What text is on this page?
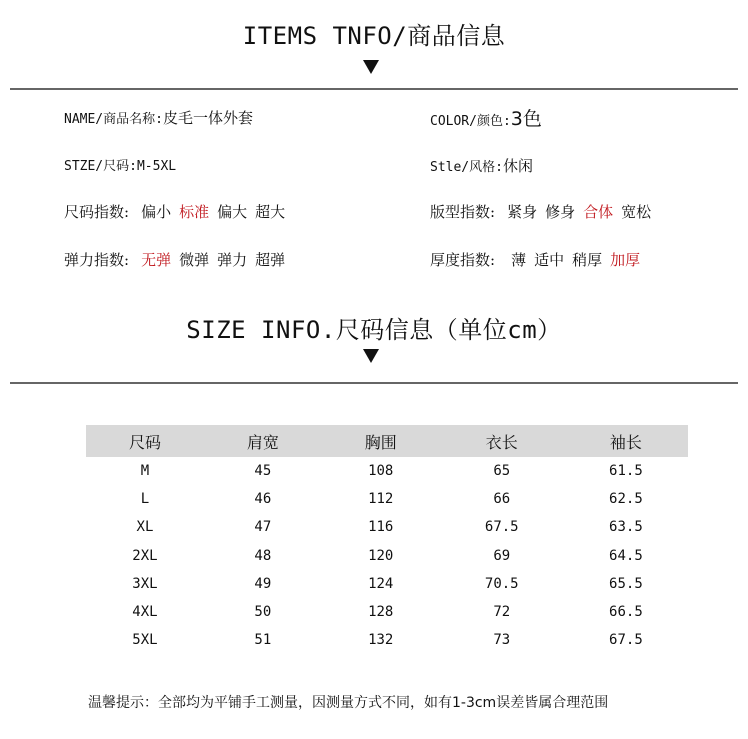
ITEMS TNFO/商品信息
NAME/商品名称:皮毛一体外套	COLOR/颜色:3色
STZE/尺码:M-5XL	Stle/风格:休闲
尺码指数: 偏小 标准 偏大 超大	版型指数: 紧身 修身 合体 宽松
弹力指数: 无弹 微弹 弹力 超弹	厚度指数: 薄 适中 稍厚 加厚
SIZE INFO.尺码信息（单位cm）
尺码	肩宽	胸围	衣长	袖长
M	45	108	65	61.5
L	46	112	66	62.5
XL	47	116	67.5	63.5
2XL	48	120	69	64.5
3XL	49	124	70.5	65.5
4XL	50	128	72	66.5
5XL	51	132	73	67.5
温馨提示：全部均为平铺手工测量，因测量方式不同，如有1-3cm误差皆属合理范围
